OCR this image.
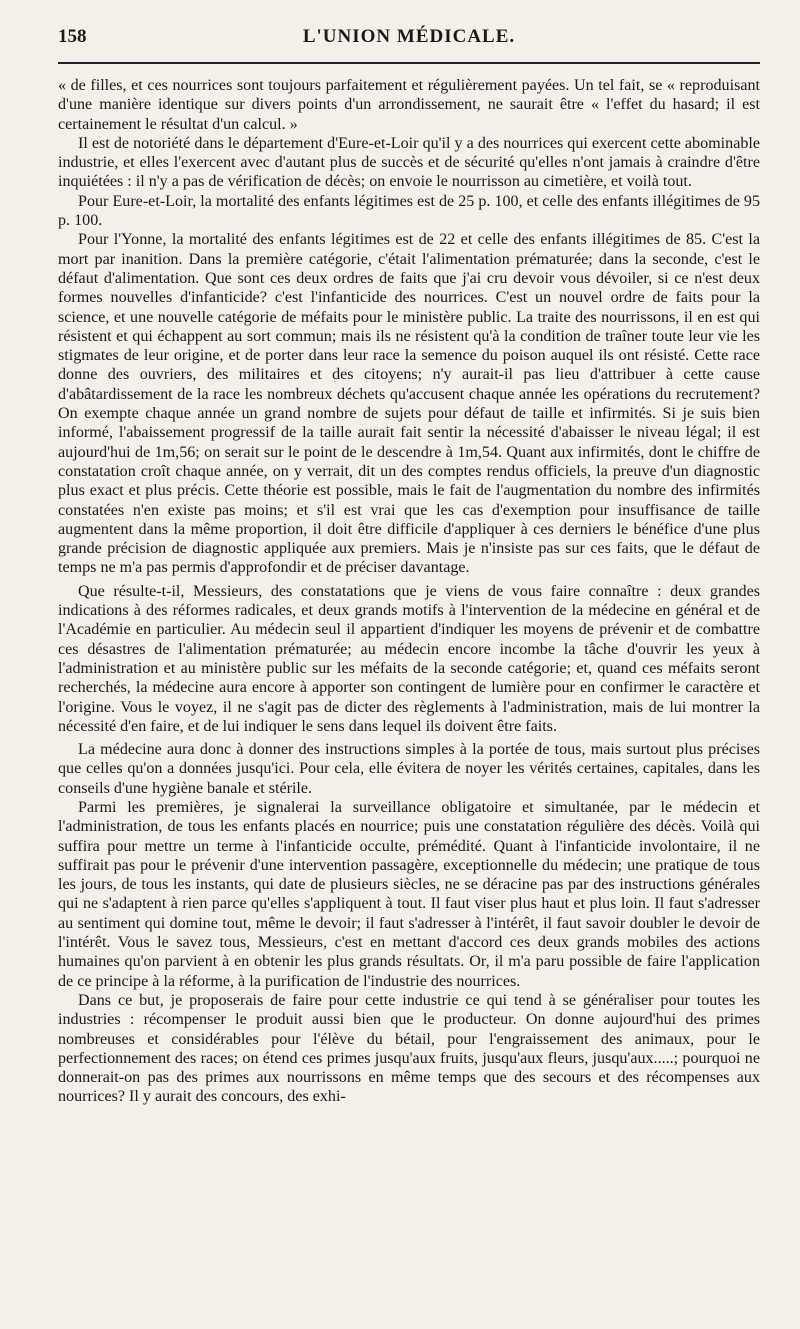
158	L'UNION MÉDICALE.

« de filles, et ces nourrices sont toujours parfaitement et régulièrement payées. Un tel fait, se « reproduisant d'une manière identique sur divers points d'un arrondissement, ne saurait être « l'effet du hasard; il est certainement le résultat d'un calcul. »

Il est de notoriété dans le département d'Eure-et-Loir qu'il y a des nourrices qui exercent cette abominable industrie, et elles l'exercent avec d'autant plus de succès et de sécurité qu'elles n'ont jamais à craindre d'être inquiétées : il n'y a pas de vérification de décès; on envoie le nourrisson au cimetière, et voilà tout.

Pour Eure-et-Loir, la mortalité des enfants légitimes est de 25 p. 100, et celle des enfants illégitimes de 95 p. 100.

Pour l'Yonne, la mortalité des enfants légitimes est de 22 et celle des enfants illégitimes de 85. C'est la mort par inanition. Dans la première catégorie, c'était l'alimentation prématurée; dans la seconde, c'est le défaut d'alimentation. Que sont ces deux ordres de faits que j'ai cru devoir vous dévoiler, si ce n'est deux formes nouvelles d'infanticide? c'est l'infanticide des nourrices. C'est un nouvel ordre de faits pour la science, et une nouvelle catégorie de méfaits pour le ministère public. La traite des nourrissons, il en est qui résistent et qui échappent au sort commun; mais ils ne résistent qu'à la condition de traîner toute leur vie les stigmates de leur origine, et de porter dans leur race la semence du poison auquel ils ont résisté. Cette race donne des ouvriers, des militaires et des citoyens; n'y aurait-il pas lieu d'attribuer à cette cause d'abâtardissement de la race les nombreux déchets qu'accusent chaque année les opérations du recrutement? On exempte chaque année un grand nombre de sujets pour défaut de taille et infirmités. Si je suis bien informé, l'abaissement progressif de la taille aurait fait sentir la nécessité d'abaisser le niveau légal; il est aujourd'hui de 1m,56; on serait sur le point de le descendre à 1m,54. Quant aux infirmités, dont le chiffre de constatation croît chaque année, on y verrait, dit un des comptes rendus officiels, la preuve d'un diagnostic plus exact et plus précis. Cette théorie est possible, mais le fait de l'augmentation du nombre des infirmités constatées n'en existe pas moins; et s'il est vrai que les cas d'exemption pour insuffisance de taille augmentent dans la même proportion, il doit être difficile d'appliquer à ces derniers le bénéfice d'une plus grande précision de diagnostic appliquée aux premiers. Mais je n'insiste pas sur ces faits, que le défaut de temps ne m'a pas permis d'approfondir et de préciser davantage.

Que résulte-t-il, Messieurs, des constatations que je viens de vous faire connaître : deux grandes indications à des réformes radicales, et deux grands motifs à l'intervention de la médecine en général et de l'Académie en particulier. Au médecin seul il appartient d'indiquer les moyens de prévenir et de combattre ces désastres de l'alimentation prématurée; au médecin encore incombe la tâche d'ouvrir les yeux à l'administration et au ministère public sur les méfaits de la seconde catégorie; et, quand ces méfaits seront recherchés, la médecine aura encore à apporter son contingent de lumière pour en confirmer le caractère et l'origine. Vous le voyez, il ne s'agit pas de dicter des règlements à l'administration, mais de lui montrer la nécessité d'en faire, et de lui indiquer le sens dans lequel ils doivent être faits.

La médecine aura donc à donner des instructions simples à la portée de tous, mais surtout plus précises que celles qu'on a données jusqu'ici. Pour cela, elle évitera de noyer les vérités certaines, capitales, dans les conseils d'une hygiène banale et stérile.

Parmi les premières, je signalerai la surveillance obligatoire et simultanée, par le médecin et l'administration, de tous les enfants placés en nourrice; puis une constatation régulière des décès. Voilà qui suffira pour mettre un terme à l'infanticide occulte, prémédité. Quant à l'infanticide involontaire, il ne suffirait pas pour le prévenir d'une intervention passagère, exceptionnelle du médecin; une pratique de tous les jours, de tous les instants, qui date de plusieurs siècles, ne se déracine pas par des instructions générales qui ne s'adaptent à rien parce qu'elles s'appliquent à tout. Il faut viser plus haut et plus loin. Il faut s'adresser au sentiment qui domine tout, même le devoir; il faut s'adresser à l'intérêt, il faut savoir doubler le devoir de l'intérêt. Vous le savez tous, Messieurs, c'est en mettant d'accord ces deux grands mobiles des actions humaines qu'on parvient à en obtenir les plus grands résultats. Or, il m'a paru possible de faire l'application de ce principe à la réforme, à la purification de l'industrie des nourrices.

Dans ce but, je proposerais de faire pour cette industrie ce qui tend à se généraliser pour toutes les industries : récompenser le produit aussi bien que le producteur. On donne aujourd'hui des primes nombreuses et considérables pour l'élève du bétail, pour l'engraissement des animaux, pour le perfectionnement des races; on étend ces primes jusqu'aux fruits, jusqu'aux fleurs, jusqu'aux.....; pourquoi ne donnerait-on pas des primes aux nourrissons en même temps que des secours et des récompenses aux nourrices? Il y aurait des concours, des exhi-
